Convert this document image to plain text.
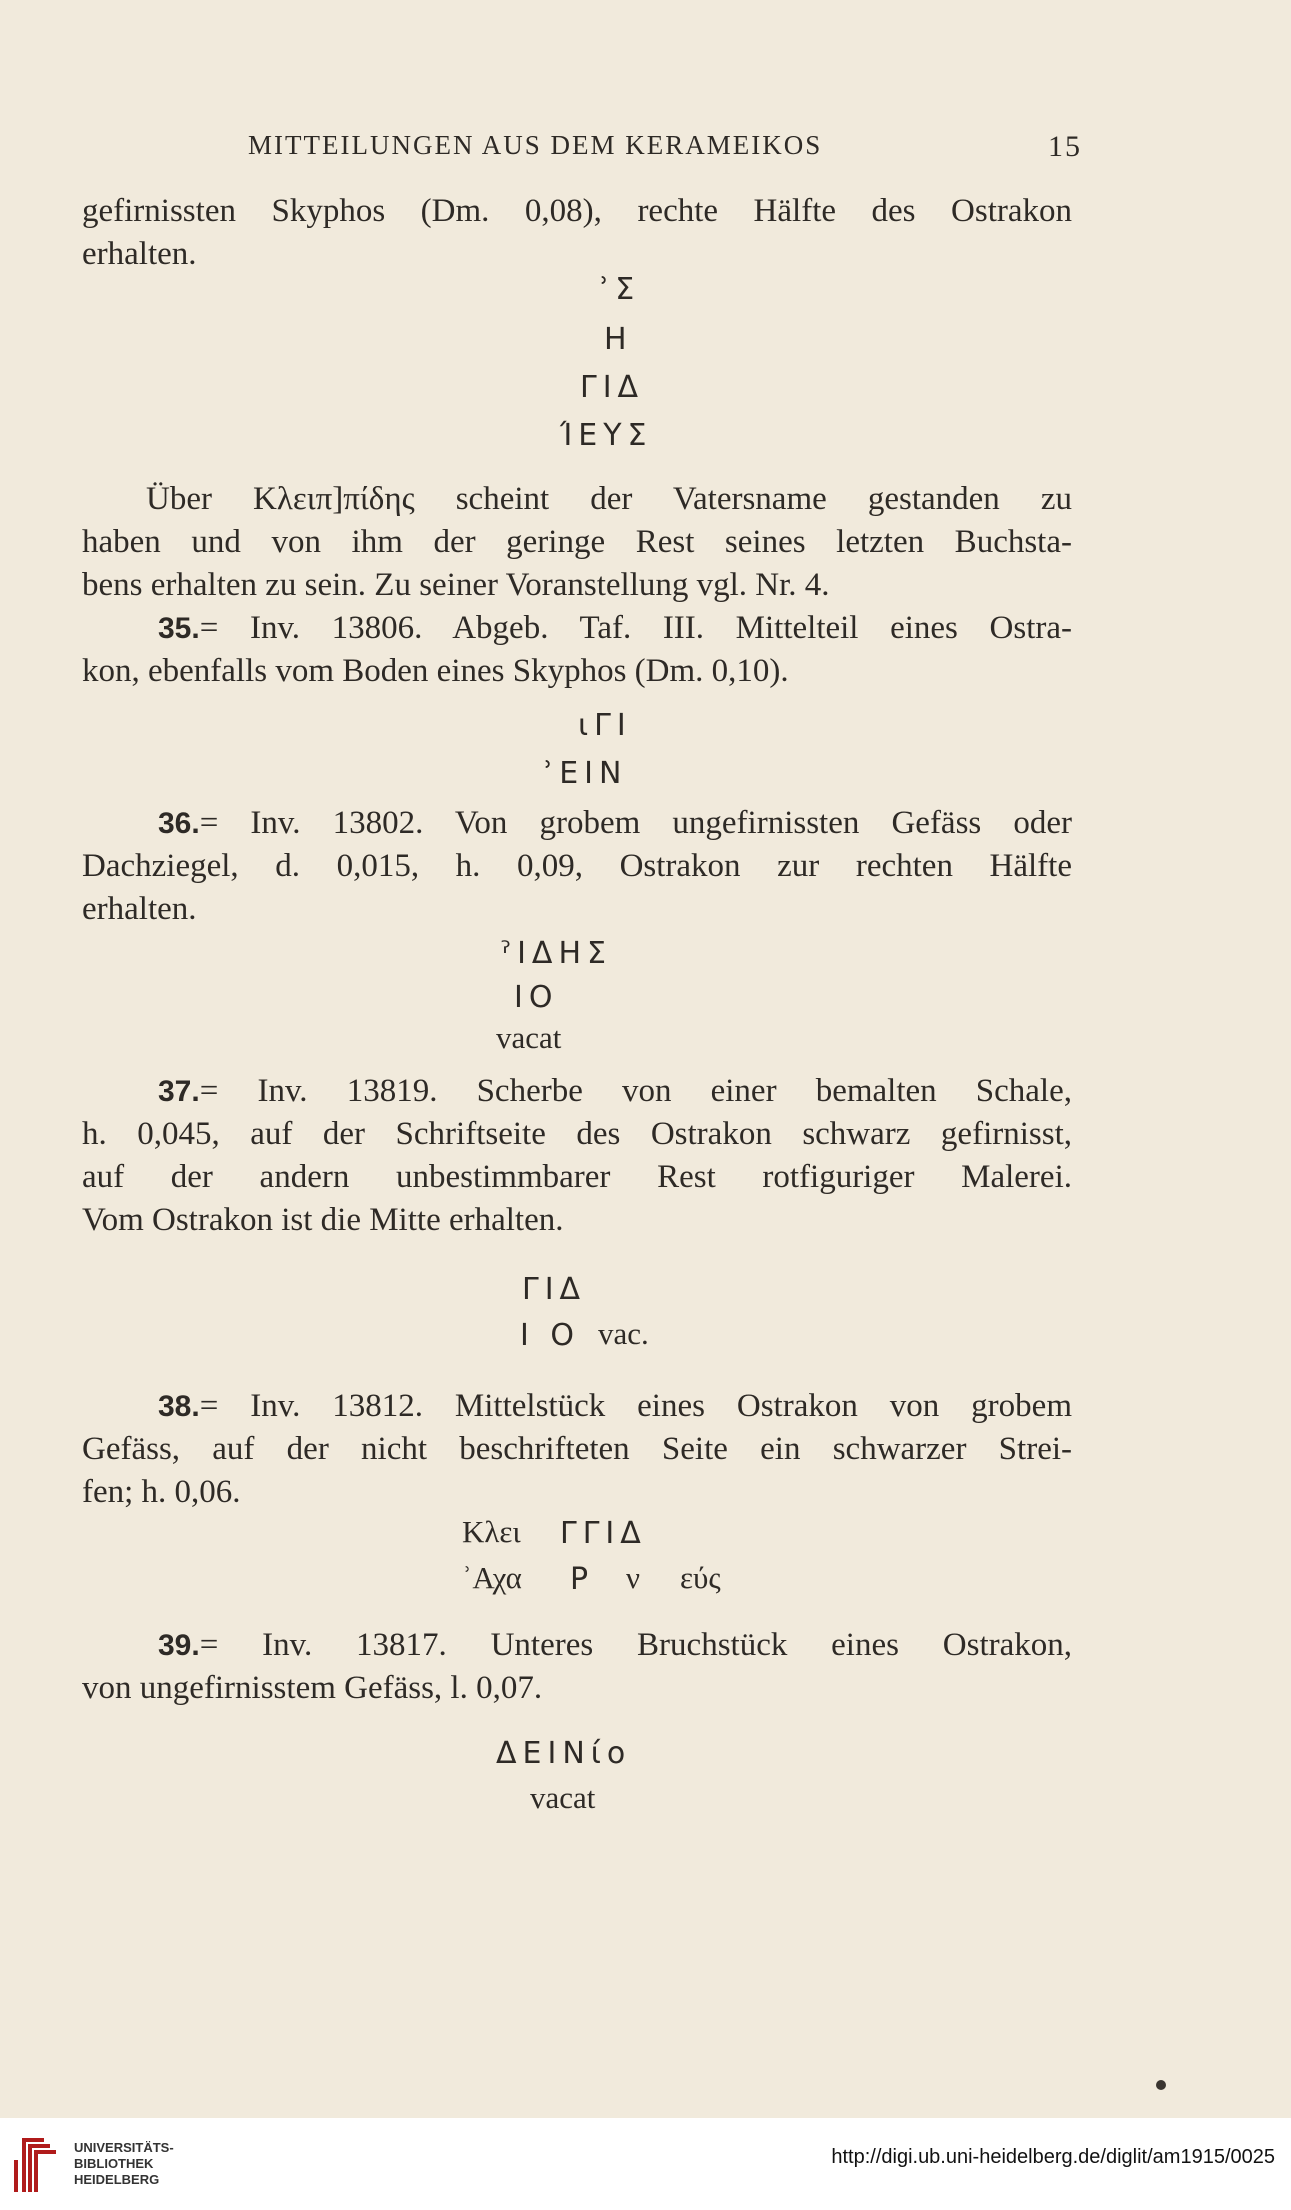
MITTEILUNGEN AUS DEM KERAMEIKOS	15
gefirnissten Skyphos (Dm. 0,08), rechte Hälfte des Ostrakon
erhalten.
ʾΣ
H
ΓΙΔ
ΊΕΥΣ
Über Κλειπ]πίδης scheint der Vatersname gestanden zu
haben und von ihm der geringe Rest seines letzten Buchsta-
bens erhalten zu sein. Zu seiner Voranstellung vgl. Nr. 4.
35.= Inv. 13806. Abgeb. Taf. III. Mittelteil eines Ostra-
kon, ebenfalls vom Boden eines Skyphos (Dm. 0,10).
ιΓΙ
ʾΕΙΝ
36.= Inv. 13802. Von grobem ungefirnissten Gefäss oder
Dachziegel, d. 0,015, h. 0,09, Ostrakon zur rechten Hälfte
erhalten.
ˀΙΔΗΣ
ΙΟ
vacat
37.= Inv. 13819. Scherbe von einer bemalten Schale,
h. 0,045, auf der Schriftseite des Ostrakon schwarz gefirnisst,
auf der andern unbestimmbarer Rest rotfiguriger Malerei.
Vom Ostrakon ist die Mitte erhalten.
ΓΙΔ
Ι Ο vac.
38.= Inv. 13812. Mittelstück eines Ostrakon von grobem
Gefäss, auf der nicht beschrifteten Seite ein schwarzer Strei-
fen; h. 0,06.
Κλει ΓΓΙΔ
ʾΑχα Ρ ν εύς
39.= Inv. 13817. Unteres Bruchstück eines Ostrakon,
von ungefirnisstem Gefäss, l. 0,07.
ΔΕΙΝίο
vacat
UNIVERSITÄTS-
BIBLIOTHEK
HEIDELBERG
http://digi.ub.uni-heidelberg.de/diglit/am1915/0025
